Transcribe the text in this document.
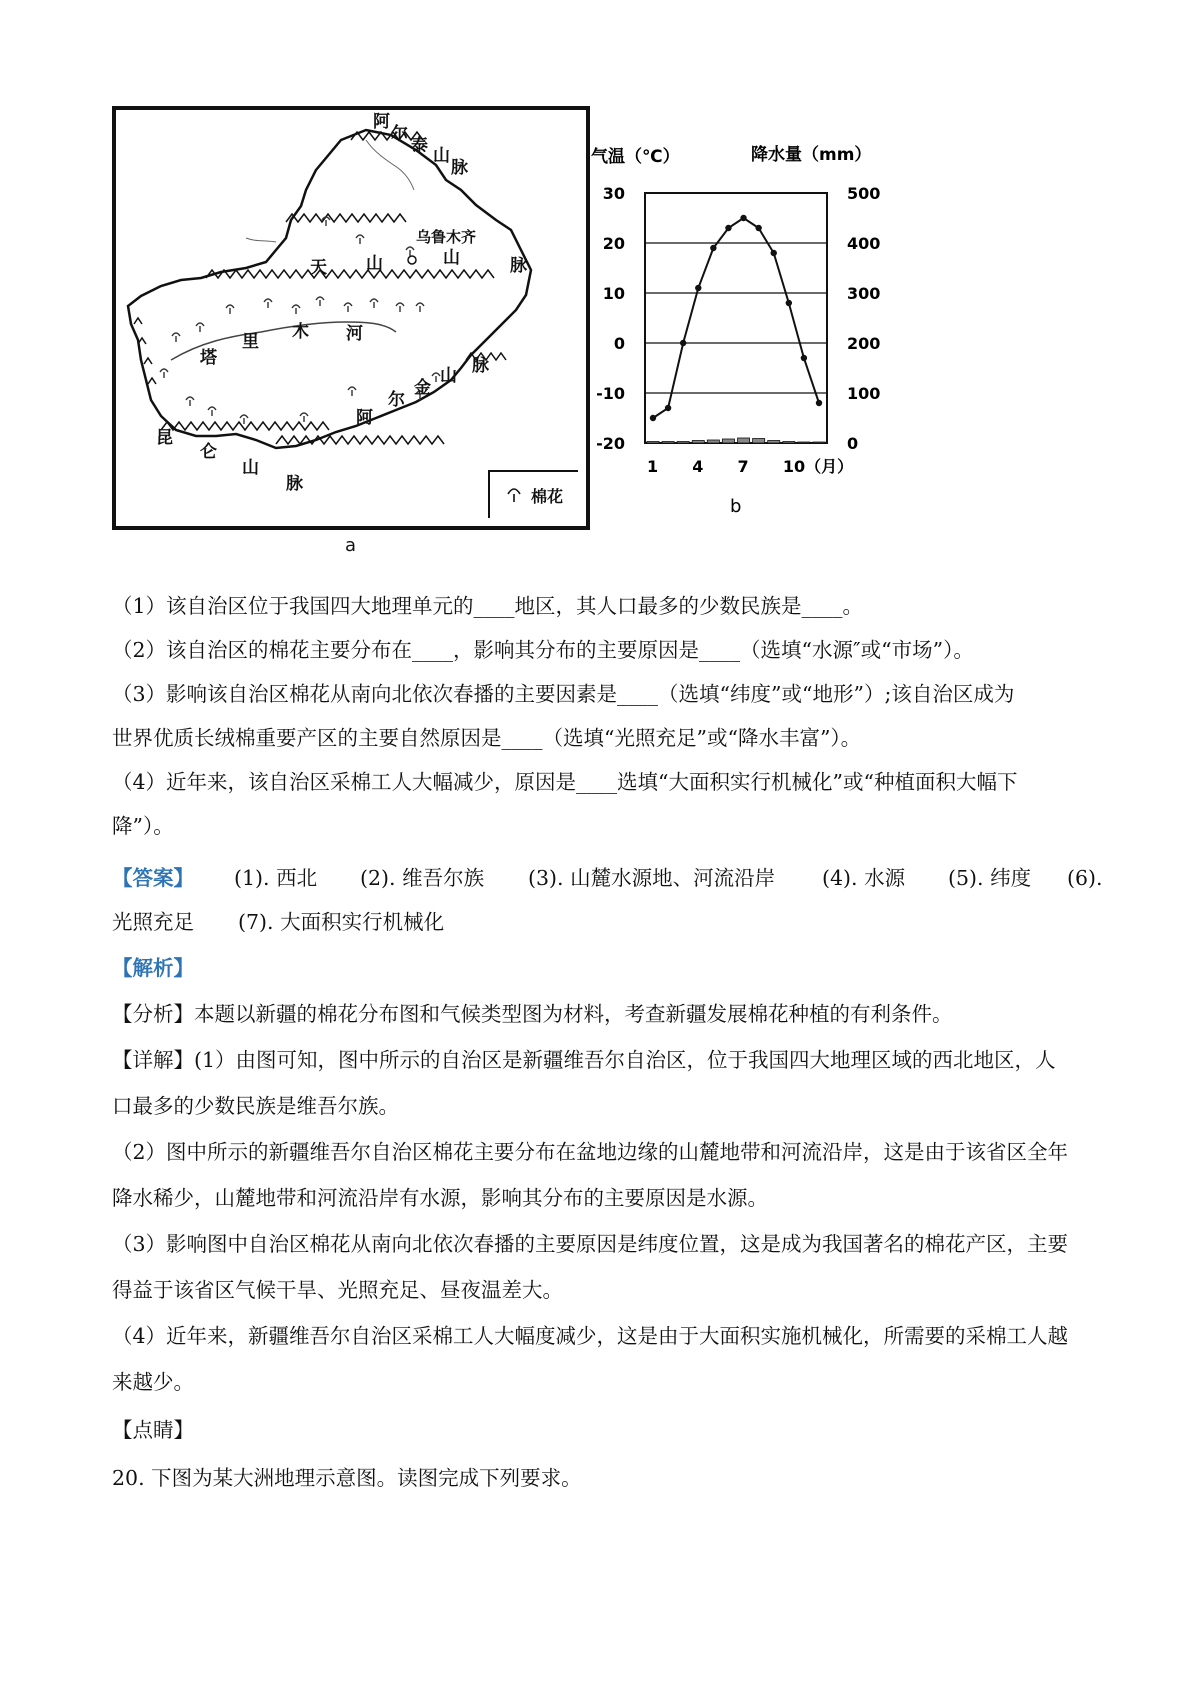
阿
尔
泰 山
脉
乌鲁木齐
天 山	山	脉
塔
里 木 河
阿
尔
金
山 脉
昆
仑
山
脉
棉花
a
气温（℃）	降水量（mm）
30
20
10
0
-10
-20
500
400
300
200
100
0
1 4 7 10（月）
b
（1）该自治区位于我国四大地理单元的____地区，其人口最多的少数民族是____。
（2）该自治区的棉花主要分布在____，影响其分布的主要原因是____（选填“水源″或“市场”）。
（3）影响该自治区棉花从南向北依次春播的主要因素是____（选填“纬度”或“地形”）;该自治区成为
世界优质长绒棉重要产区的主要自然原因是____（选填“光照充足”或“降水丰富”）。
（4）近年来，该自治区采棉工人大幅减少，原因是____选填“大面积实行机械化”或“种植面积大幅下
降”）。
【答案】 (1). 西北 (2). 维吾尔族 (3). 山麓水源地、河流沿岸 (4). 水源 (5). 纬度 (6).
光照充足 (7). 大面积实行机械化
【解析】
【分析】本题以新疆的棉花分布图和气候类型图为材料，考查新疆发展棉花种植的有利条件。
【详解】(1）由图可知，图中所示的自治区是新疆维吾尔自治区，位于我国四大地理区域的西北地区，人
口最多的少数民族是维吾尔族。
（2）图中所示的新疆维吾尔自治区棉花主要分布在盆地边缘的山麓地带和河流沿岸，这是由于该省区全年
降水稀少，山麓地带和河流沿岸有水源，影响其分布的主要原因是水源。
（3）影响图中自治区棉花从南向北依次春播的主要原因是纬度位置，这是成为我国著名的棉花产区，主要
得益于该省区气候干旱、光照充足、昼夜温差大。
（4）近年来，新疆维吾尔自治区采棉工人大幅度减少，这是由于大面积实施机械化，所需要的采棉工人越
来越少。
【点睛】
20. 下图为某大洲地理示意图。读图完成下列要求。
